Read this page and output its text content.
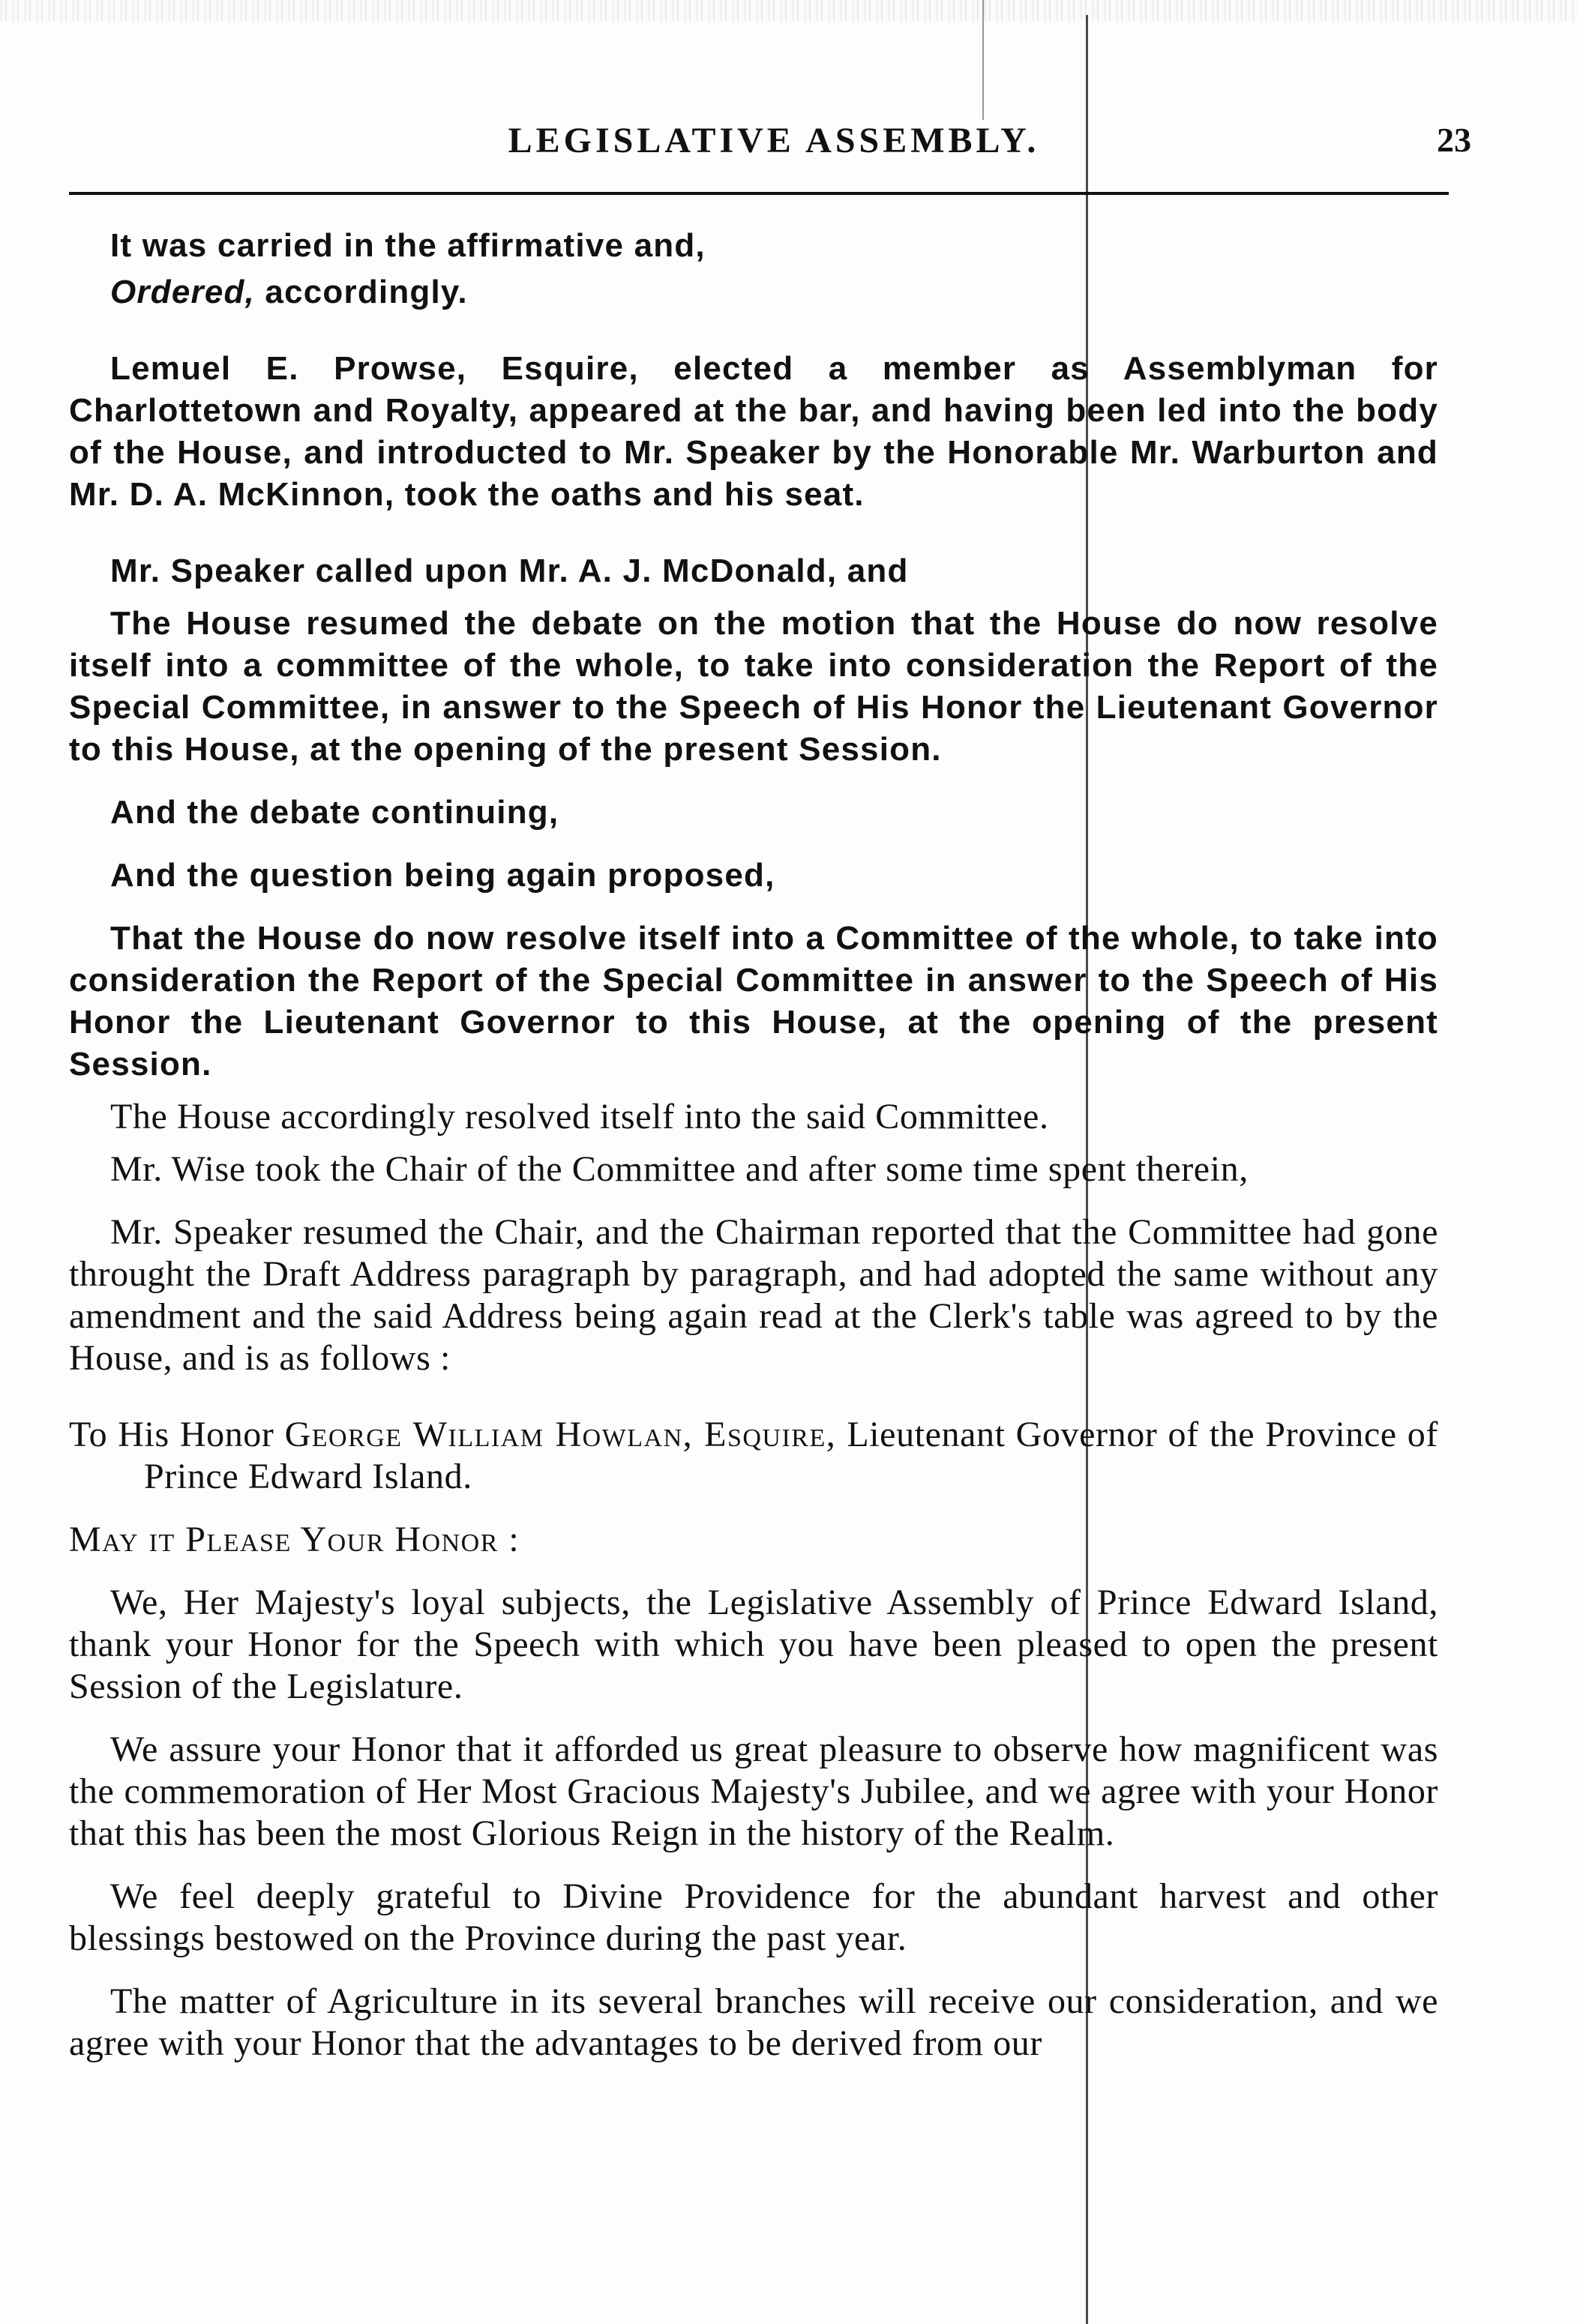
LEGISLATIVE ASSEMBLY.	23

It was carried in the affirmative and,

Ordered, accordingly.

Lemuel E. Prowse, Esquire, elected a member as Assemblyman for Charlottetown and Royalty, appeared at the bar, and having been led into the body of the House, and introducted to Mr. Speaker by the Honorable Mr. Warburton and Mr. D. A. McKinnon, took the oaths and his seat.

Mr. Speaker called upon Mr. A. J. McDonald, and

The House resumed the debate on the motion that the House do now resolve itself into a committee of the whole, to take into consideration the Report of the Special Committee, in answer to the Speech of His Honor the Lieutenant Governor to this House, at the opening of the present Session.

And the debate continuing,

And the question being again proposed,

That the House do now resolve itself into a Committee of the whole, to take into consideration the Report of the Special Committee in answer to the Speech of His Honor the Lieutenant Governor to this House, at the opening of the present Session.

The House accordingly resolved itself into the said Committee.

Mr. Wise took the Chair of the Committee and after some time spent therein,

Mr. Speaker resumed the Chair, and the Chairman reported that the Committee had gone throught the Draft Address paragraph by paragraph, and had adopted the same without any amendment and the said Address being again read at the Clerk's table was agreed to by the House, and is as follows :

To His Honor George William Howlan, Esquire, Lieutenant Governor of the Province of Prince Edward Island.

May it Please Your Honor :

We, Her Majesty's loyal subjects, the Legislative Assembly of Prince Edward Island, thank your Honor for the Speech with which you have been pleased to open the present Session of the Legislature.

We assure your Honor that it afforded us great pleasure to observe how magnificent was the commemoration of Her Most Gracious Majesty's Jubilee, and we agree with your Honor that this has been the most Glorious Reign in the history of the Realm.

We feel deeply grateful to Divine Providence for the abundant harvest and other blessings bestowed on the Province during the past year.

The matter of Agriculture in its several branches will receive our consideration, and we agree with your Honor that the advantages to be derived from our
